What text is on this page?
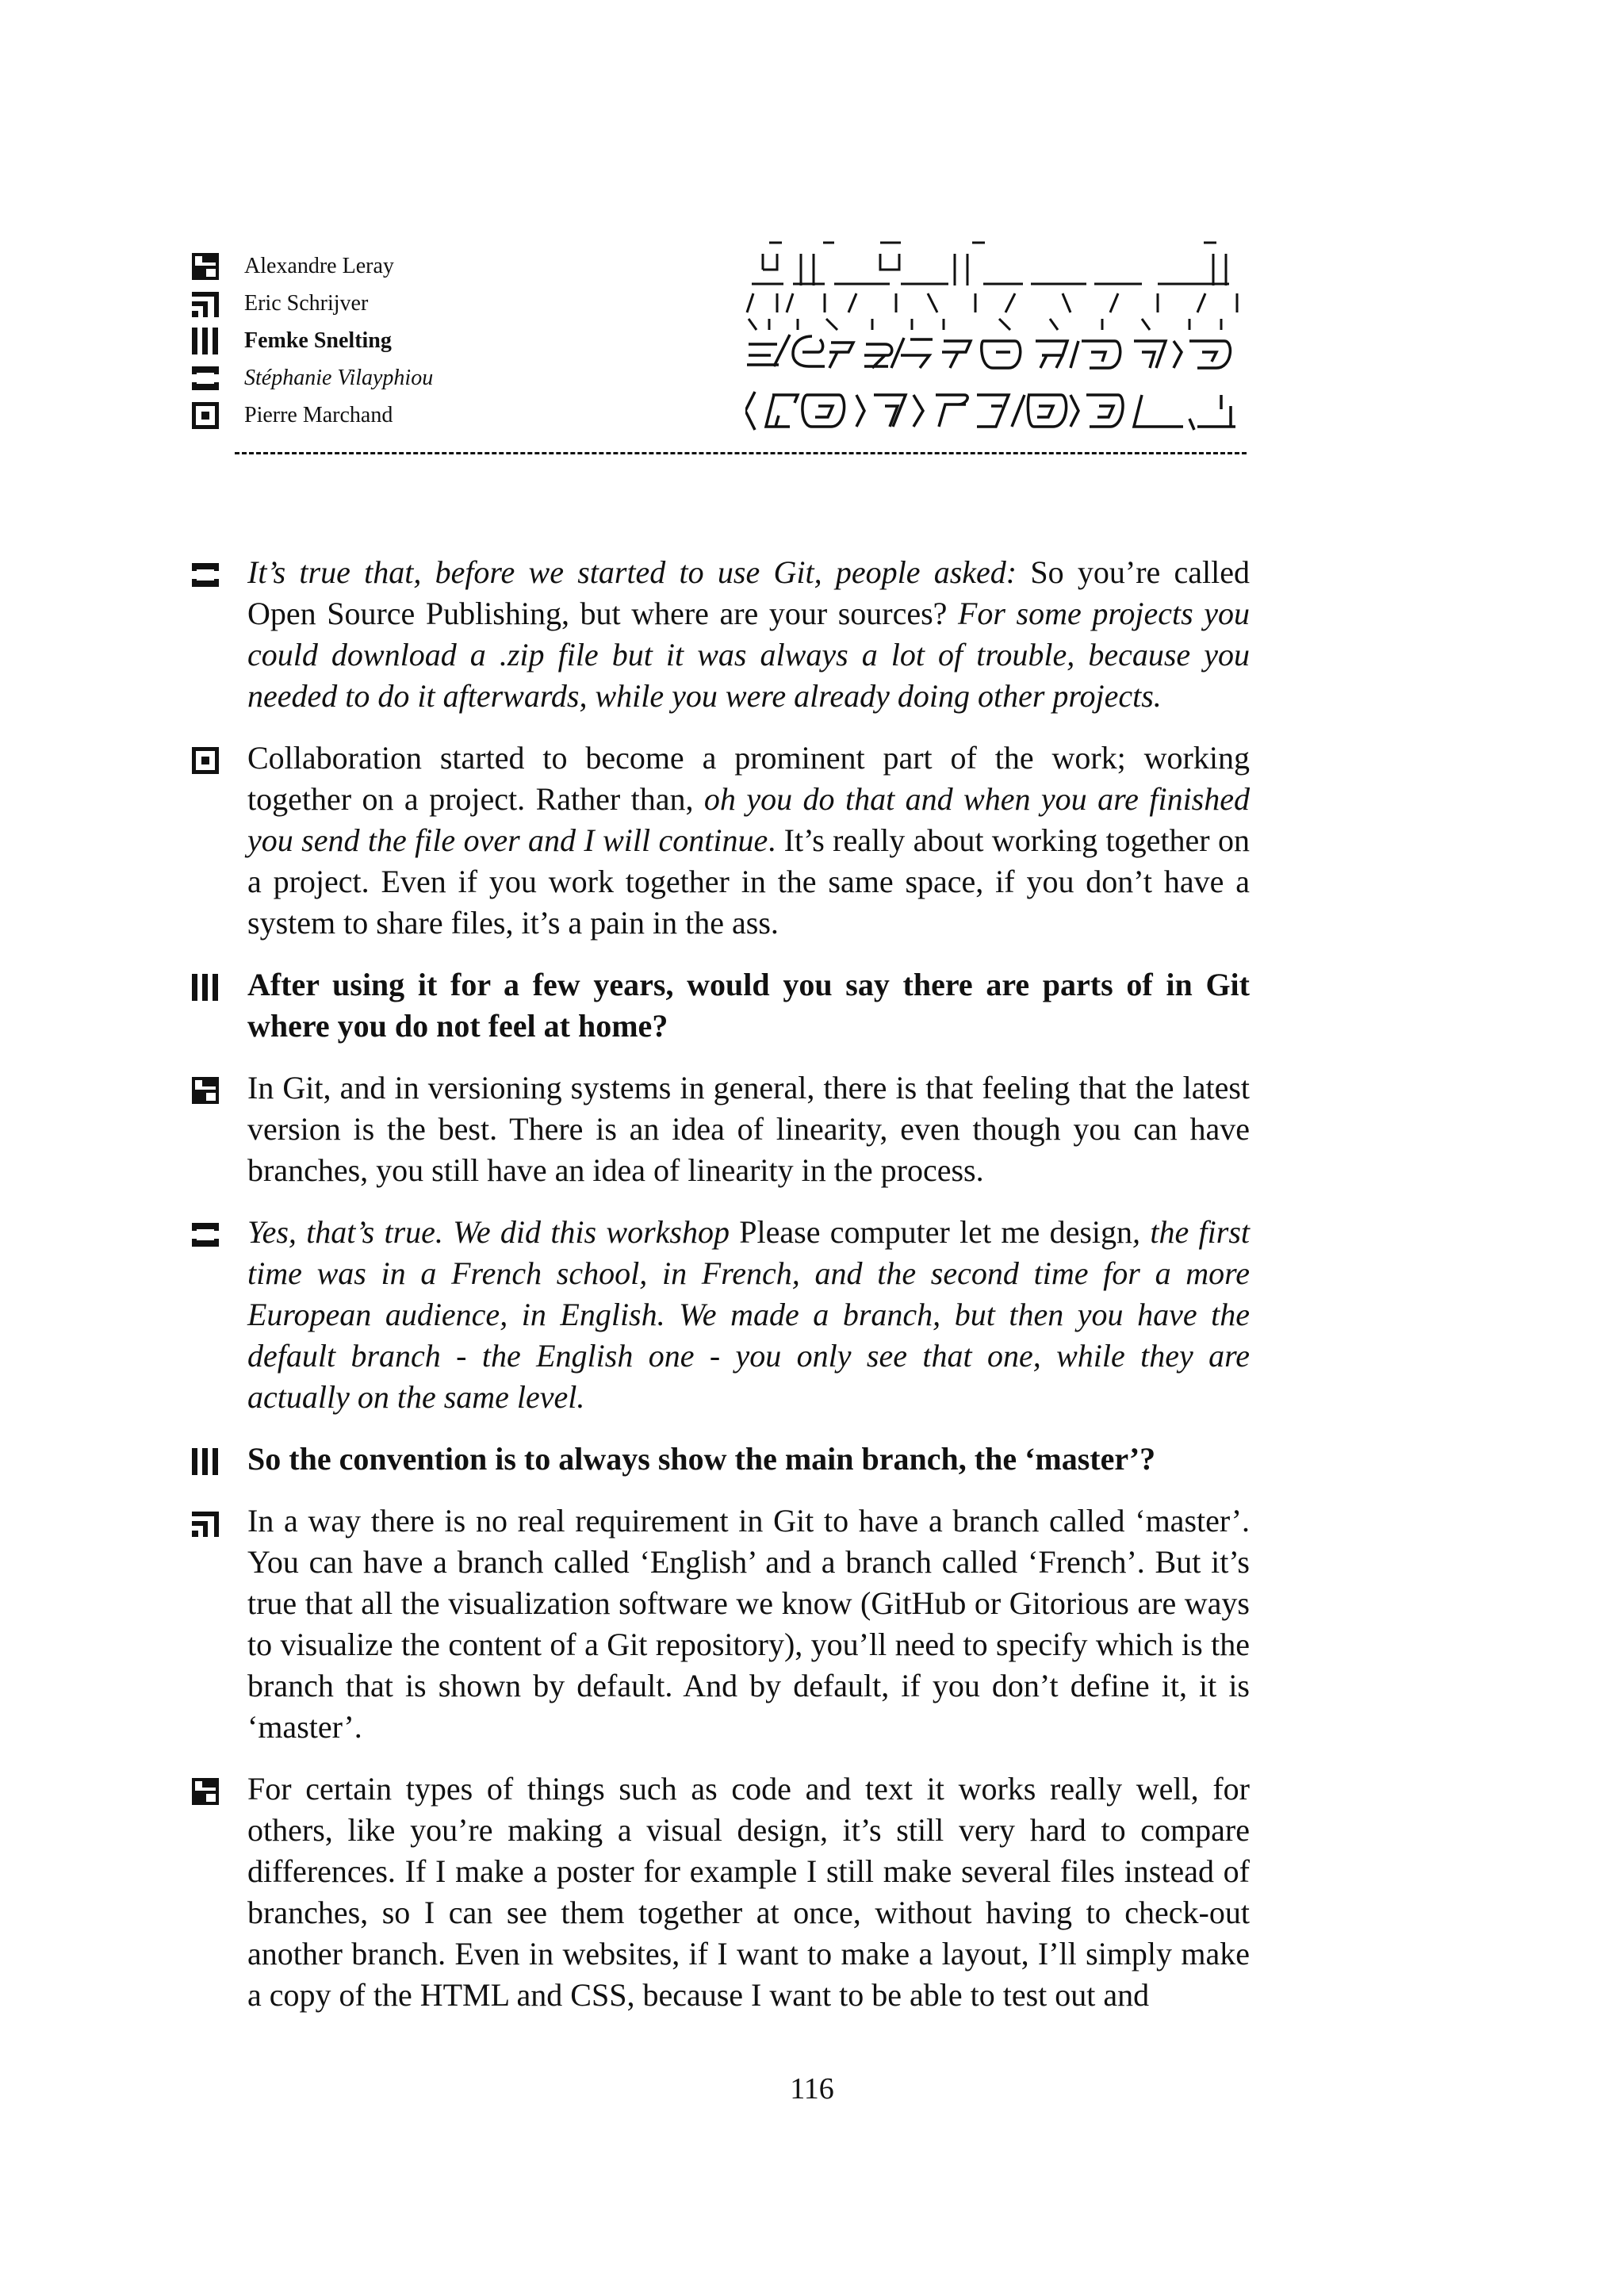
Alexandre Leray
Eric Schrijver
Femke Snelting
Stéphanie Vilayphiou
Pierre Marchand

It’s true that, before we started to use Git, people asked: So you’re called Open Source Publishing, but where are your sources? For some projects you could download a .zip file but it was always a lot of trouble, because you needed to do it afterwards, while you were already doing other projects.

Collaboration started to become a prominent part of the work; working together on a project. Rather than, oh you do that and when you are finished you send the file over and I will continue. It’s really about working together on a project. Even if you work together in the same space, if you don’t have a system to share files, it’s a pain in the ass.

After using it for a few years, would you say there are parts of in Git where you do not feel at home?

In Git, and in versioning systems in general, there is that feeling that the latest version is the best. There is an idea of linearity, even though you can have branches, you still have an idea of linearity in the process.

Yes, that’s true. We did this workshop Please computer let me design, the first time was in a French school, in French, and the second time for a more European audience, in English. We made a branch, but then you have the default branch - the English one - you only see that one, while they are actually on the same level.

So the convention is to always show the main branch, the ‘master’?

In a way there is no real requirement in Git to have a branch called ‘master’. You can have a branch called ‘English’ and a branch called ‘French’. But it’s true that all the visualization software we know (GitHub or Gitorious are ways to visualize the content of a Git repository), you’ll need to specify which is the branch that is shown by default. And by default, if you don’t define it, it is ‘master’.

For certain types of things such as code and text it works really well, for others, like you’re making a visual design, it’s still very hard to compare differences. If I make a poster for example I still make several files instead of branches, so I can see them together at once, without having to check-out another branch. Even in websites, if I want to make a layout, I’ll simply make a copy of the HTML and CSS, because I want to be able to test out and

116
